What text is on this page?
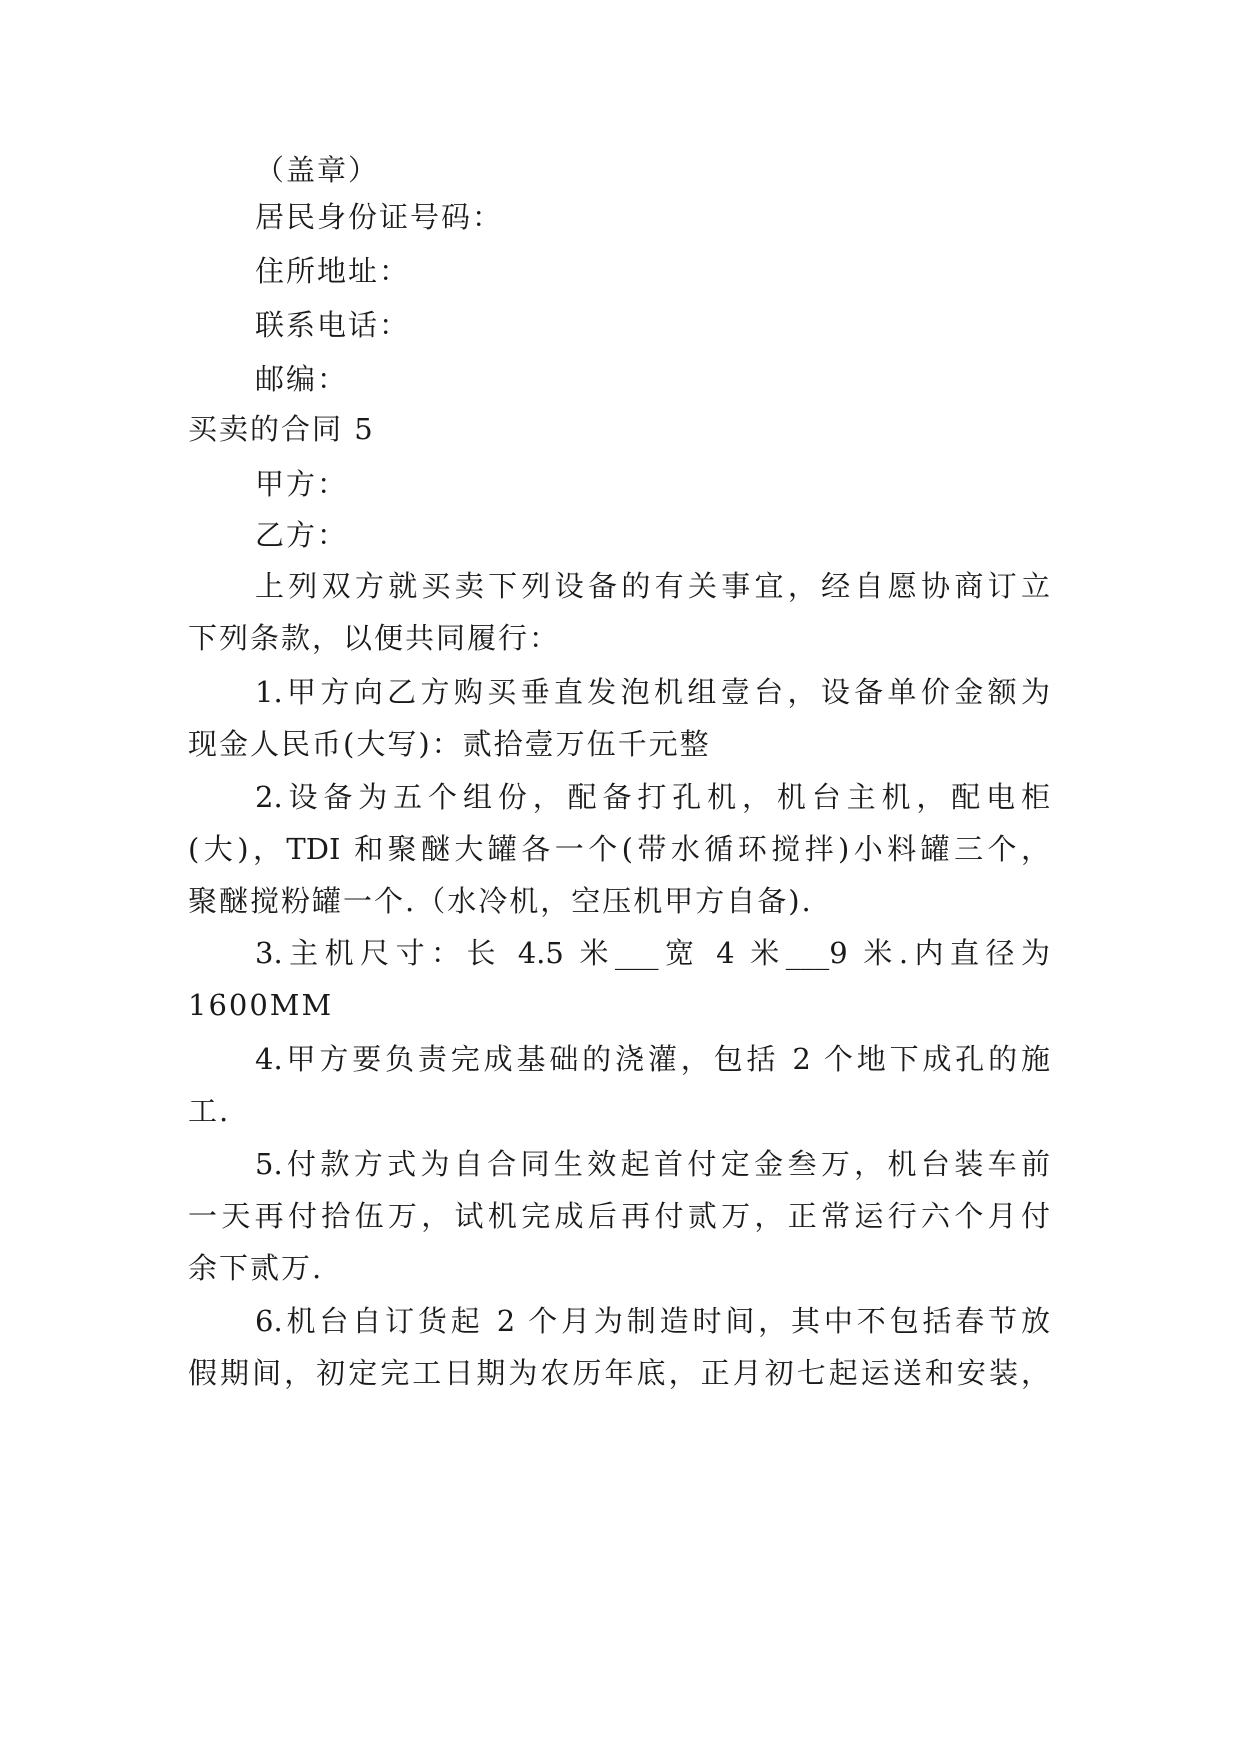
（盖章）
居民身份证号码：
住所地址：
联系电话：
邮编：
买卖的合同 5
甲方：
乙方：
上列双方就买卖下列设备的有关事宜，经自愿协商订立
下列条款，以便共同履行：
1.甲方向乙方购买垂直发泡机组壹台，设备单价金额为
现金人民币(大写)：贰拾壹万伍千元整
2.设备为五个组份，配备打孔机，机台主机，配电柜
(大)，TDI 和聚醚大罐各一个(带水循环搅拌)小料罐三个，
聚醚搅粉罐一个.（水冷机，空压机甲方自备).
3.主机尺寸：长 4.5 米___宽 4 米___9 米.内直径为
1600MM
4.甲方要负责完成基础的浇灌，包括 2 个地下成孔的施
工.
5.付款方式为自合同生效起首付定金叁万，机台装车前
一天再付拾伍万，试机完成后再付贰万，正常运行六个月付
余下贰万.
6.机台自订货起 2 个月为制造时间，其中不包括春节放
假期间，初定完工日期为农历年底，正月初七起运送和安装，
